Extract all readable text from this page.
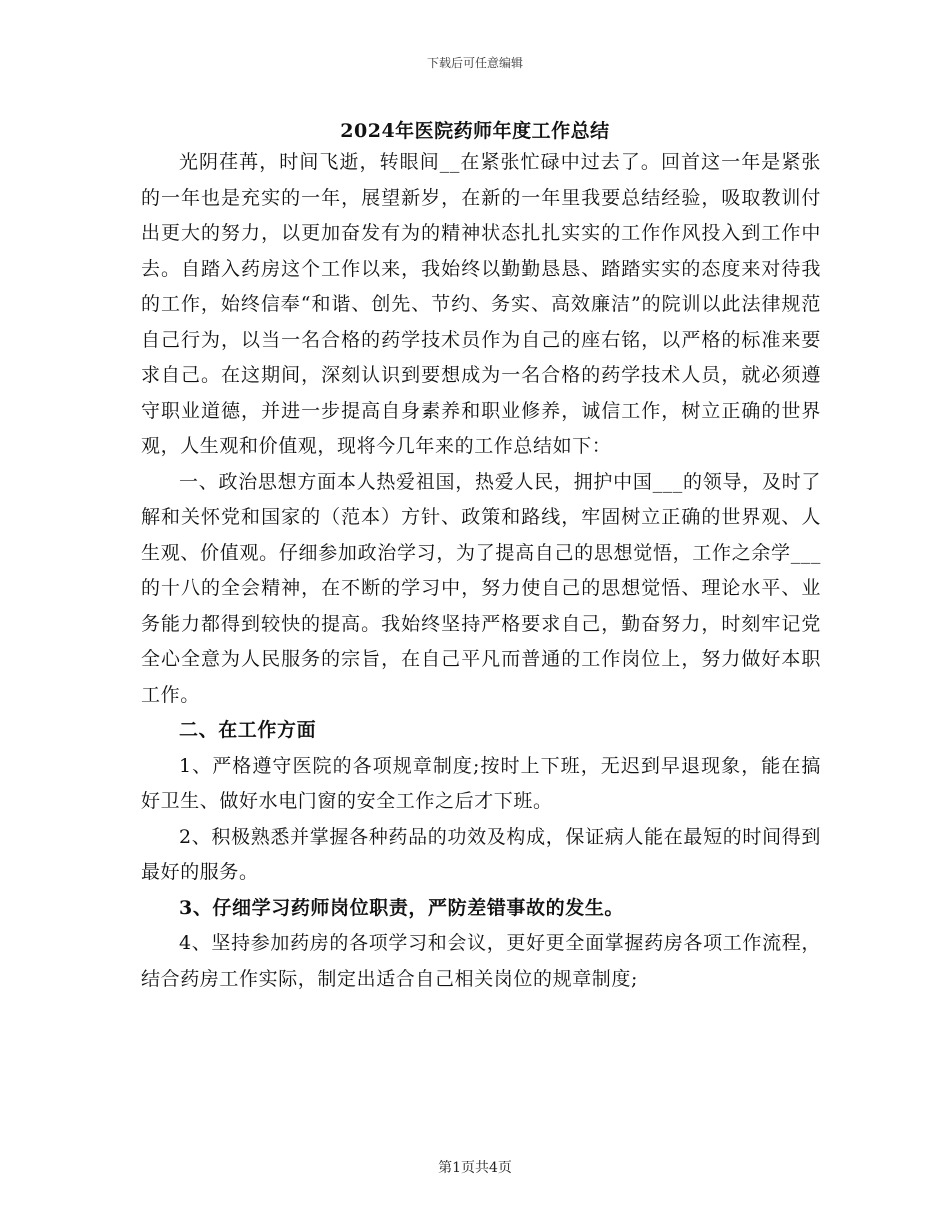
下载后可任意编辑
2024年医院药师年度工作总结

光阴荏苒，时间飞逝，转眼间__在紧张忙碌中过去了。回首这一年是紧张的一年也是充实的一年，展望新岁，在新的一年里我要总结经验，吸取教训付出更大的努力，以更加奋发有为的精神状态扎扎实实的工作作风投入到工作中去。自踏入药房这个工作以来，我始终以勤勤恳恳、踏踏实实的态度来对待我的工作，始终信奉“和谐、创先、节约、务实、高效廉洁”的院训以此法律规范自己行为，以当一名合格的药学技术员作为自己的座右铭，以严格的标准来要求自己。在这期间，深刻认识到要想成为一名合格的药学技术人员，就必须遵守职业道德，并进一步提高自身素养和职业修养，诚信工作，树立正确的世界观，人生观和价值观，现将今几年来的工作总结如下：

一、政治思想方面本人热爱祖国，热爱人民，拥护中国___的领导，及时了解和关怀党和国家的（范本）方针、政策和路线，牢固树立正确的世界观、人生观、价值观。仔细参加政治学习，为了提高自己的思想觉悟，工作之余学___的十八的全会精神，在不断的学习中，努力使自己的思想觉悟、理论水平、业务能力都得到较快的提高。我始终坚持严格要求自己，勤奋努力，时刻牢记党全心全意为人民服务的宗旨，在自己平凡而普通的工作岗位上，努力做好本职工作。

二、在工作方面

1、严格遵守医院的各项规章制度;按时上下班，无迟到早退现象，能在搞好卫生、做好水电门窗的安全工作之后才下班。

2、积极熟悉并掌握各种药品的功效及构成，保证病人能在最短的时间得到最好的服务。

3、仔细学习药师岗位职责，严防差错事故的发生。

4、坚持参加药房的各项学习和会议，更好更全面掌握药房各项工作流程，结合药房工作实际，制定出适合自己相关岗位的规章制度;

第1页共4页
